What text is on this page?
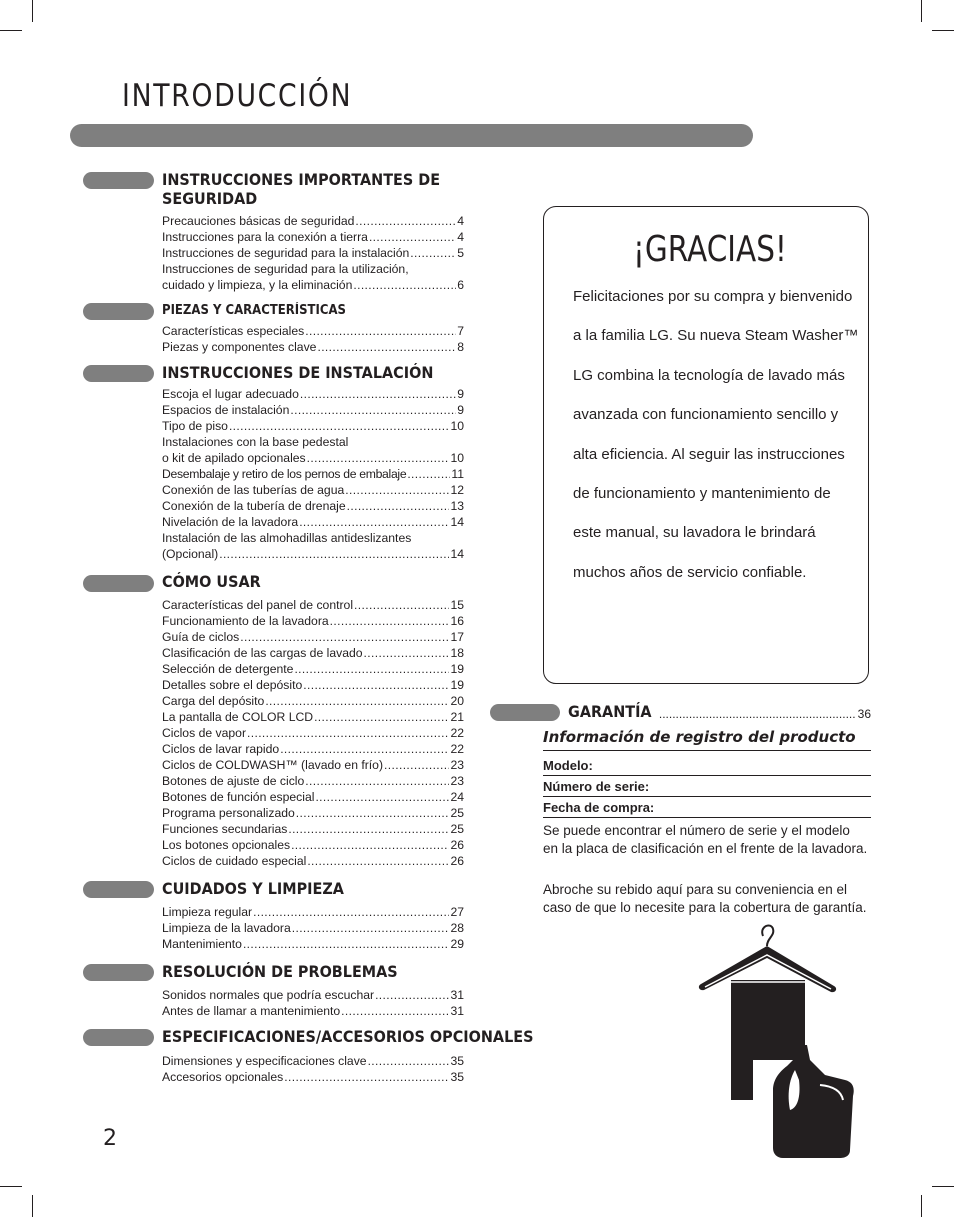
INTRODUCCIÓN
INSTRUCCIONES IMPORTANTES DE SEGURIDAD
Precauciones básicas de seguridad .....	4
Instrucciones para la conexión a tierra .....	4
Instrucciones de seguridad para la instalación .....	5
Instrucciones de seguridad para la utilización,
cuidado y limpieza, y la eliminación .....	6
PIEZAS Y CARACTERÍSTICAS
Características especiales .....	7
Piezas y componentes clave .....	8
INSTRUCCIONES DE INSTALACIÓN
Escoja el lugar adecuado .....	9
Espacios de instalación .....	9
Tipo de piso .....	10
Instalaciones con la base pedestal
o kit de apilado opcionales .....	10
Desembalaje y retiro de los pernos de embalaje .....	11
Conexión de las tuberías de agua .....	12
Conexión de la tubería de drenaje .....	13
Nivelación de la lavadora .....	14
Instalación de las almohadillas antideslizantes
(Opcional) .....	14
CÓMO USAR
Características del panel de control .....	15
Funcionamiento de la lavadora .....	16
Guía de ciclos .....	17
Clasificación de las cargas de lavado .....	18
Selección de detergente .....	19
Detalles sobre el depósito .....	19
Carga del depósito .....	20
La pantalla de COLOR LCD .....	21
Ciclos de vapor .....	22
Ciclos de lavar rapido .....	22
Ciclos de COLDWASH™ (lavado en frío) .....	23
Botones de ajuste de ciclo .....	23
Botones de función especial .....	24
Programa personalizado .....	25
Funciones secundarias .....	25
Los botones opcionales .....	26
Ciclos de cuidado especial .....	26
CUIDADOS Y LIMPIEZA
Limpieza regular .....	27
Limpieza de la lavadora .....	28
Mantenimiento .....	29
RESOLUCIÓN DE PROBLEMAS
Sonidos normales que podría escuchar .....	31
Antes de llamar a mantenimiento .....	31
ESPECIFICACIONES/ACCESORIOS OPCIONALES
Dimensiones y especificaciones clave .....	35
Accesorios opcionales .....	35
¡GRACIAS!

Felicitaciones por su compra y bienvenido a la familia LG. Su nueva Steam Washer™ LG combina la tecnología de lavado más avanzada con funcionamiento sencillo y alta eficiencia. Al seguir las instrucciones de funcionamiento y mantenimiento de este manual, su lavadora le brindará muchos años de servicio confiable.

GARANTÍA .....	36
Información de registro del producto
Modelo:
Número de serie:
Fecha de compra:

Se puede encontrar el número de serie y el modelo en la placa de clasificación en el frente de la lavadora.

Abroche su rebido aquí para su conveniencia en el caso de que lo necesite para la cobertura de garantía.

2
